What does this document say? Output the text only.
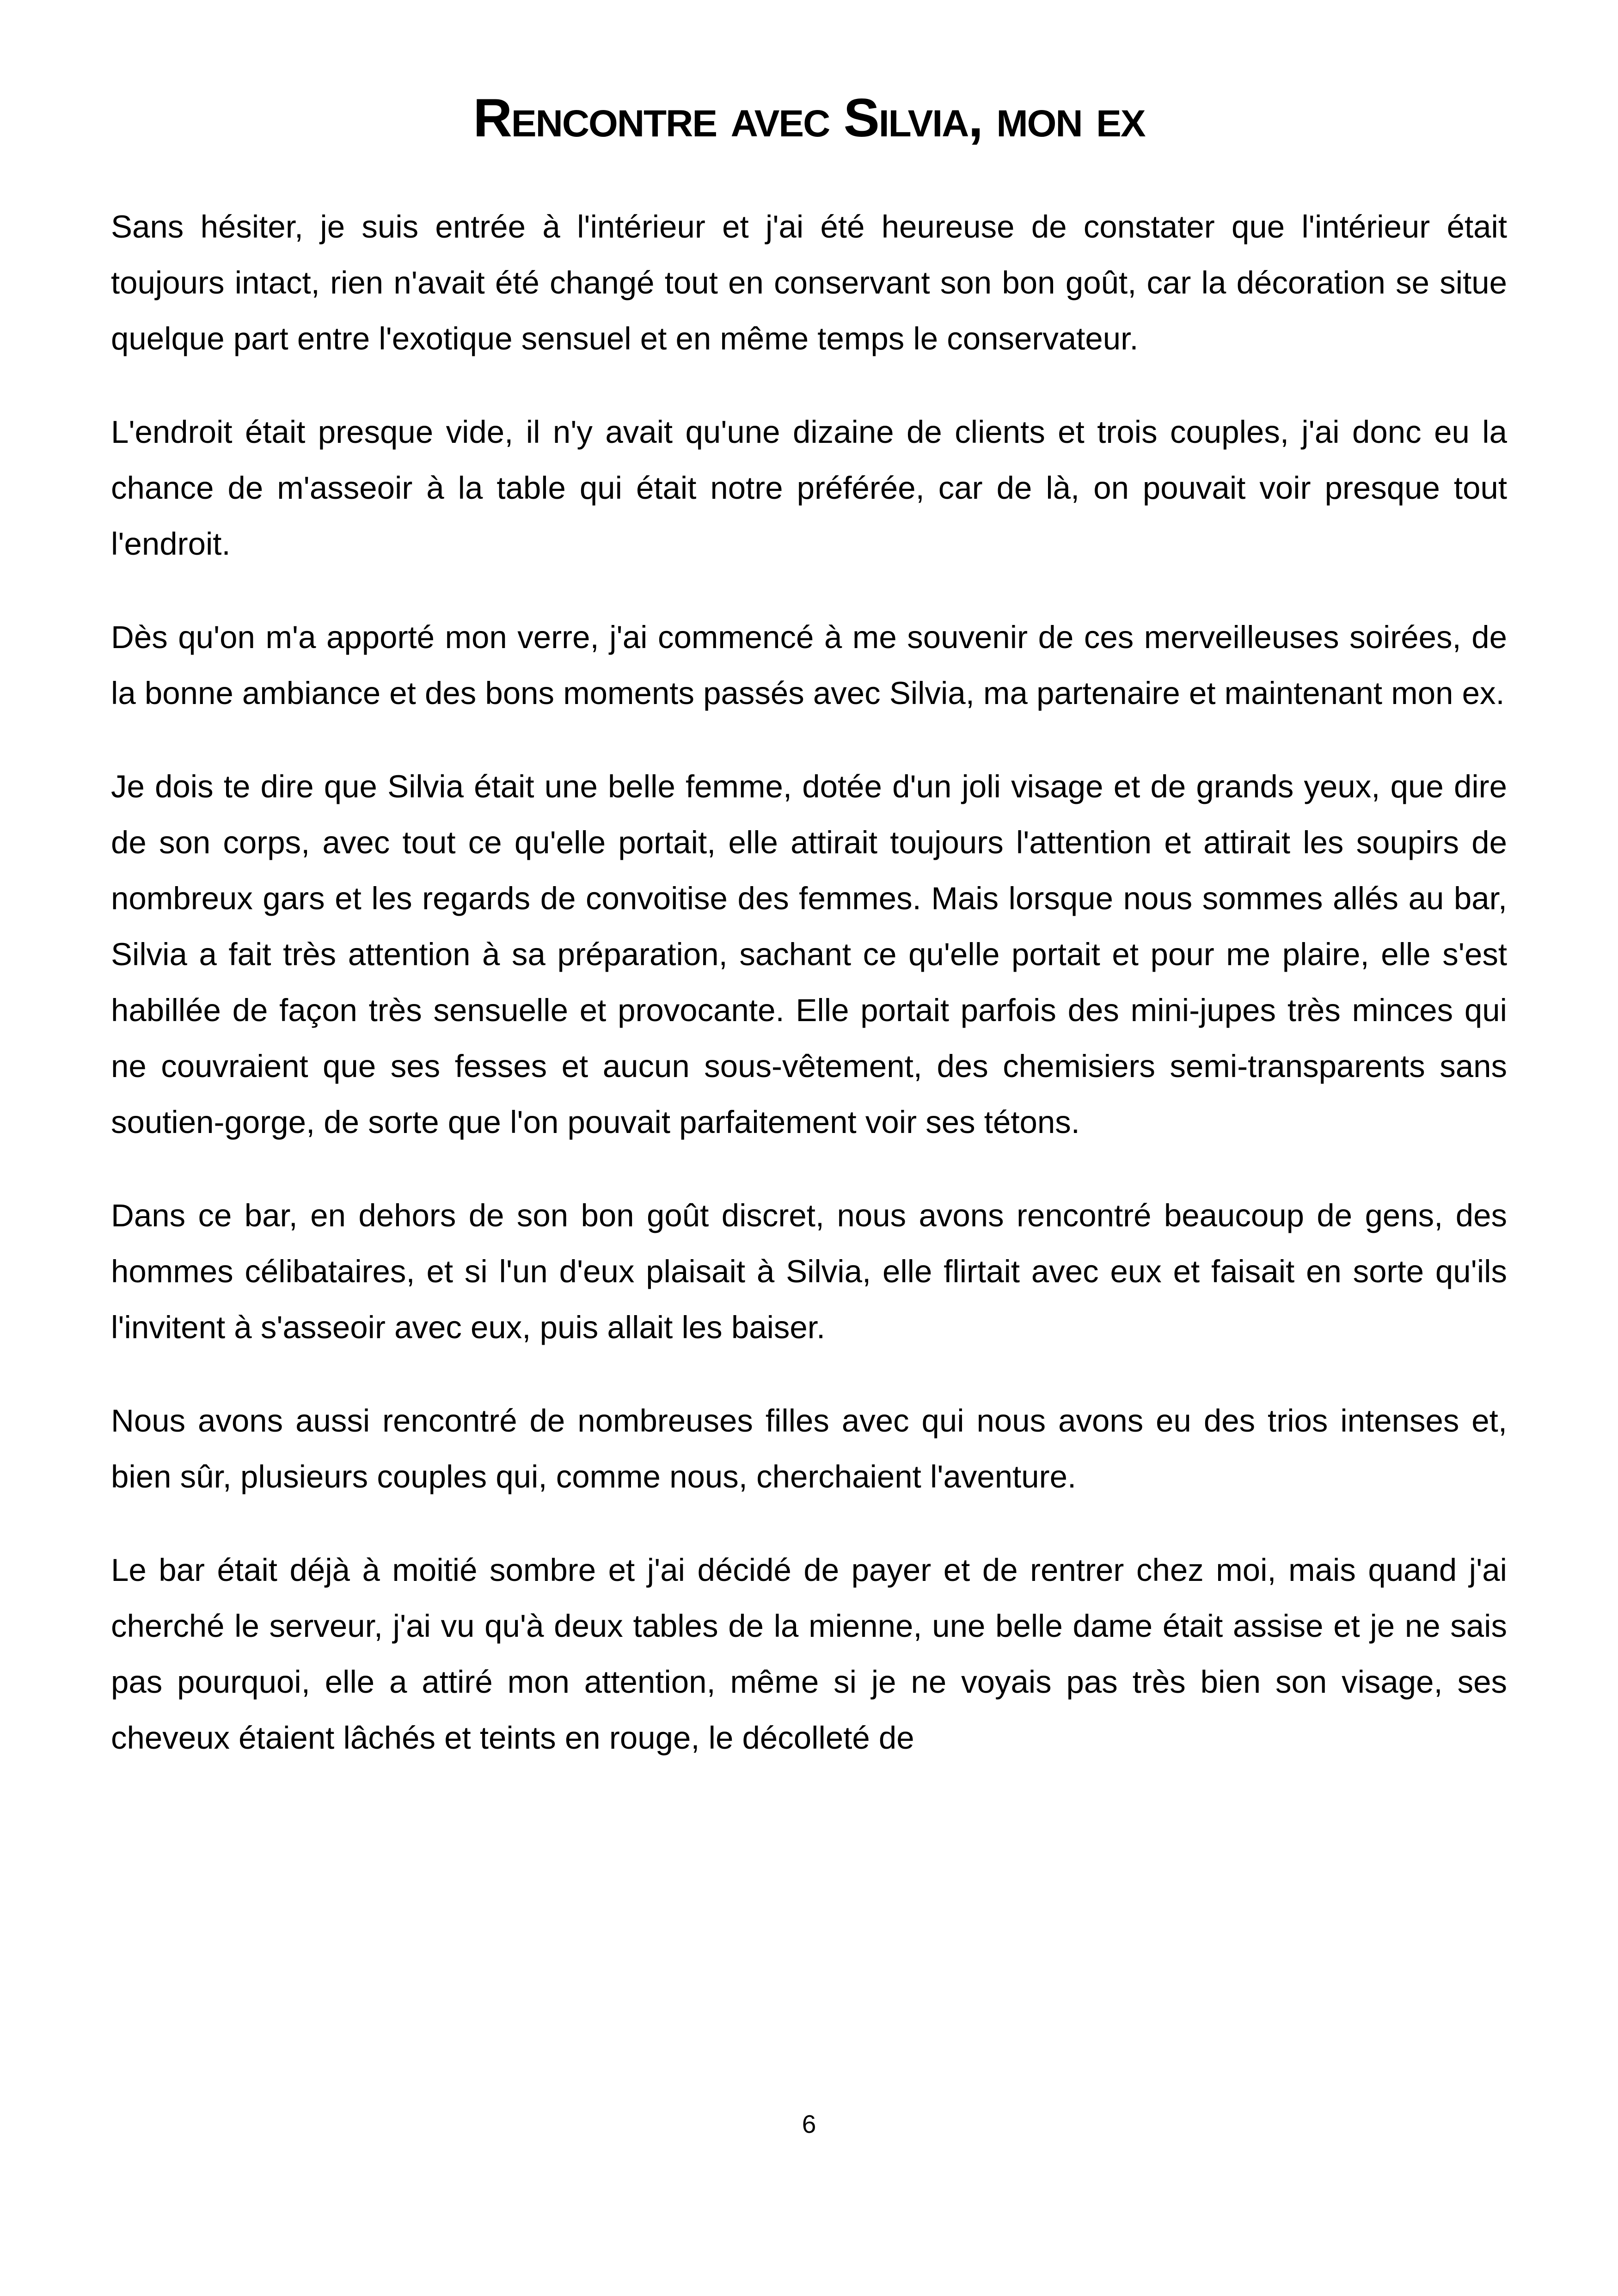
Rencontre avec Silvia, mon ex

Sans hésiter, je suis entrée à l'intérieur et j'ai été heureuse de constater que l'intérieur était toujours intact, rien n'avait été changé tout en conservant son bon goût, car la décoration se situe quelque part entre l'exotique sensuel et en même temps le conservateur.

L'endroit était presque vide, il n'y avait qu'une dizaine de clients et trois couples, j'ai donc eu la chance de m'asseoir à la table qui était notre préférée, car de là, on pouvait voir presque tout l'endroit.

Dès qu'on m'a apporté mon verre, j'ai commencé à me souvenir de ces merveilleuses soirées, de la bonne ambiance et des bons moments passés avec Silvia, ma partenaire et maintenant mon ex.

Je dois te dire que Silvia était une belle femme, dotée d'un joli visage et de grands yeux, que dire de son corps, avec tout ce qu'elle portait, elle attirait toujours l'attention et attirait les soupirs de nombreux gars et les regards de convoitise des femmes. Mais lorsque nous sommes allés au bar, Silvia a fait très attention à sa préparation, sachant ce qu'elle portait et pour me plaire, elle s'est habillée de façon très sensuelle et provocante. Elle portait parfois des mini-jupes très minces qui ne couvraient que ses fesses et aucun sous-vêtement, des chemisiers semi-transparents sans soutien-gorge, de sorte que l'on pouvait parfaitement voir ses tétons.

Dans ce bar, en dehors de son bon goût discret, nous avons rencontré beaucoup de gens, des hommes célibataires, et si l'un d'eux plaisait à Silvia, elle flirtait avec eux et faisait en sorte qu'ils l'invitent à s'asseoir avec eux, puis allait les baiser.

Nous avons aussi rencontré de nombreuses filles avec qui nous avons eu des trios intenses et, bien sûr, plusieurs couples qui, comme nous, cherchaient l'aventure.

Le bar était déjà à moitié sombre et j'ai décidé de payer et de rentrer chez moi, mais quand j'ai cherché le serveur, j'ai vu qu'à deux tables de la mienne, une belle dame était assise et je ne sais pas pourquoi, elle a attiré mon attention, même si je ne voyais pas très bien son visage, ses cheveux étaient lâchés et teints en rouge, le décolleté de

6
